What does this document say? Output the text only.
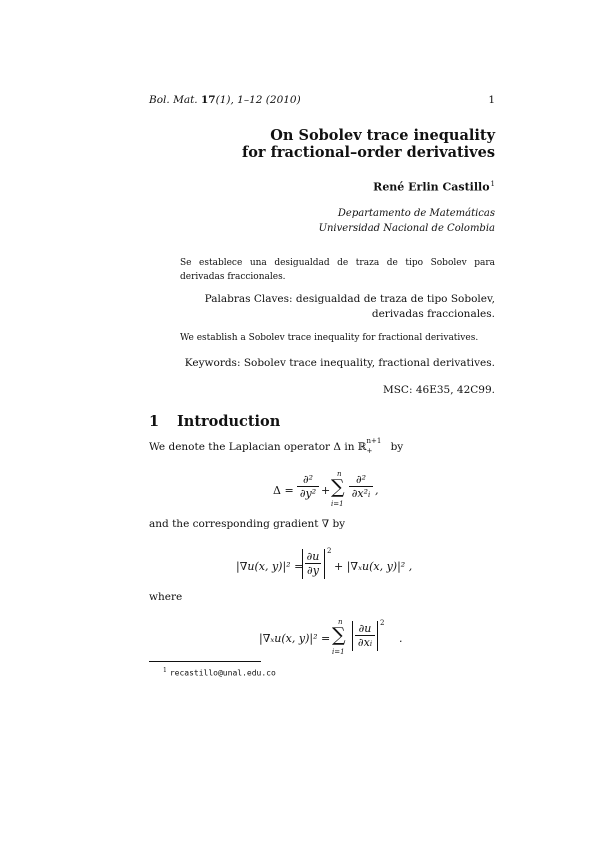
Bol. Mat. 17(1), 1–12 (2010)	1
On Sobolev trace inequality
for fractional–order derivatives
René Erlin Castillo$^1$
Departamento de Matemáticas
Universidad Nacional de Colombia
Se establece una desigualdad de traza de tipo Sobolev para derivadas fraccionales.
Palabras Claves: desigualdad de traza de tipo Sobolev,
derivadas fraccionales.
We establish a Sobolev trace inequality for fractional derivatives.
Keywords: Sobolev trace inequality, fractional derivatives.
MSC: 46E35, 42C99.
1 Introduction
We denote the Laplacian operator Δ in ℝ n+1
+ by
Δ =
∂²
∂y² +
n
∑
i=1
∂²
∂x²i ,
and the corresponding gradient ∇ by
|∇u(x, $y)|^2 = \frac{\partial u}{\partial y} 2$
+ |∇ₓu(x, y)|² ,
where
|∇ₓu(x, y)|² =
n
∑
i=1
$\frac{\partial u}{\partial xi} 2$
.
$^1$ recastillo@unal.edu.co
